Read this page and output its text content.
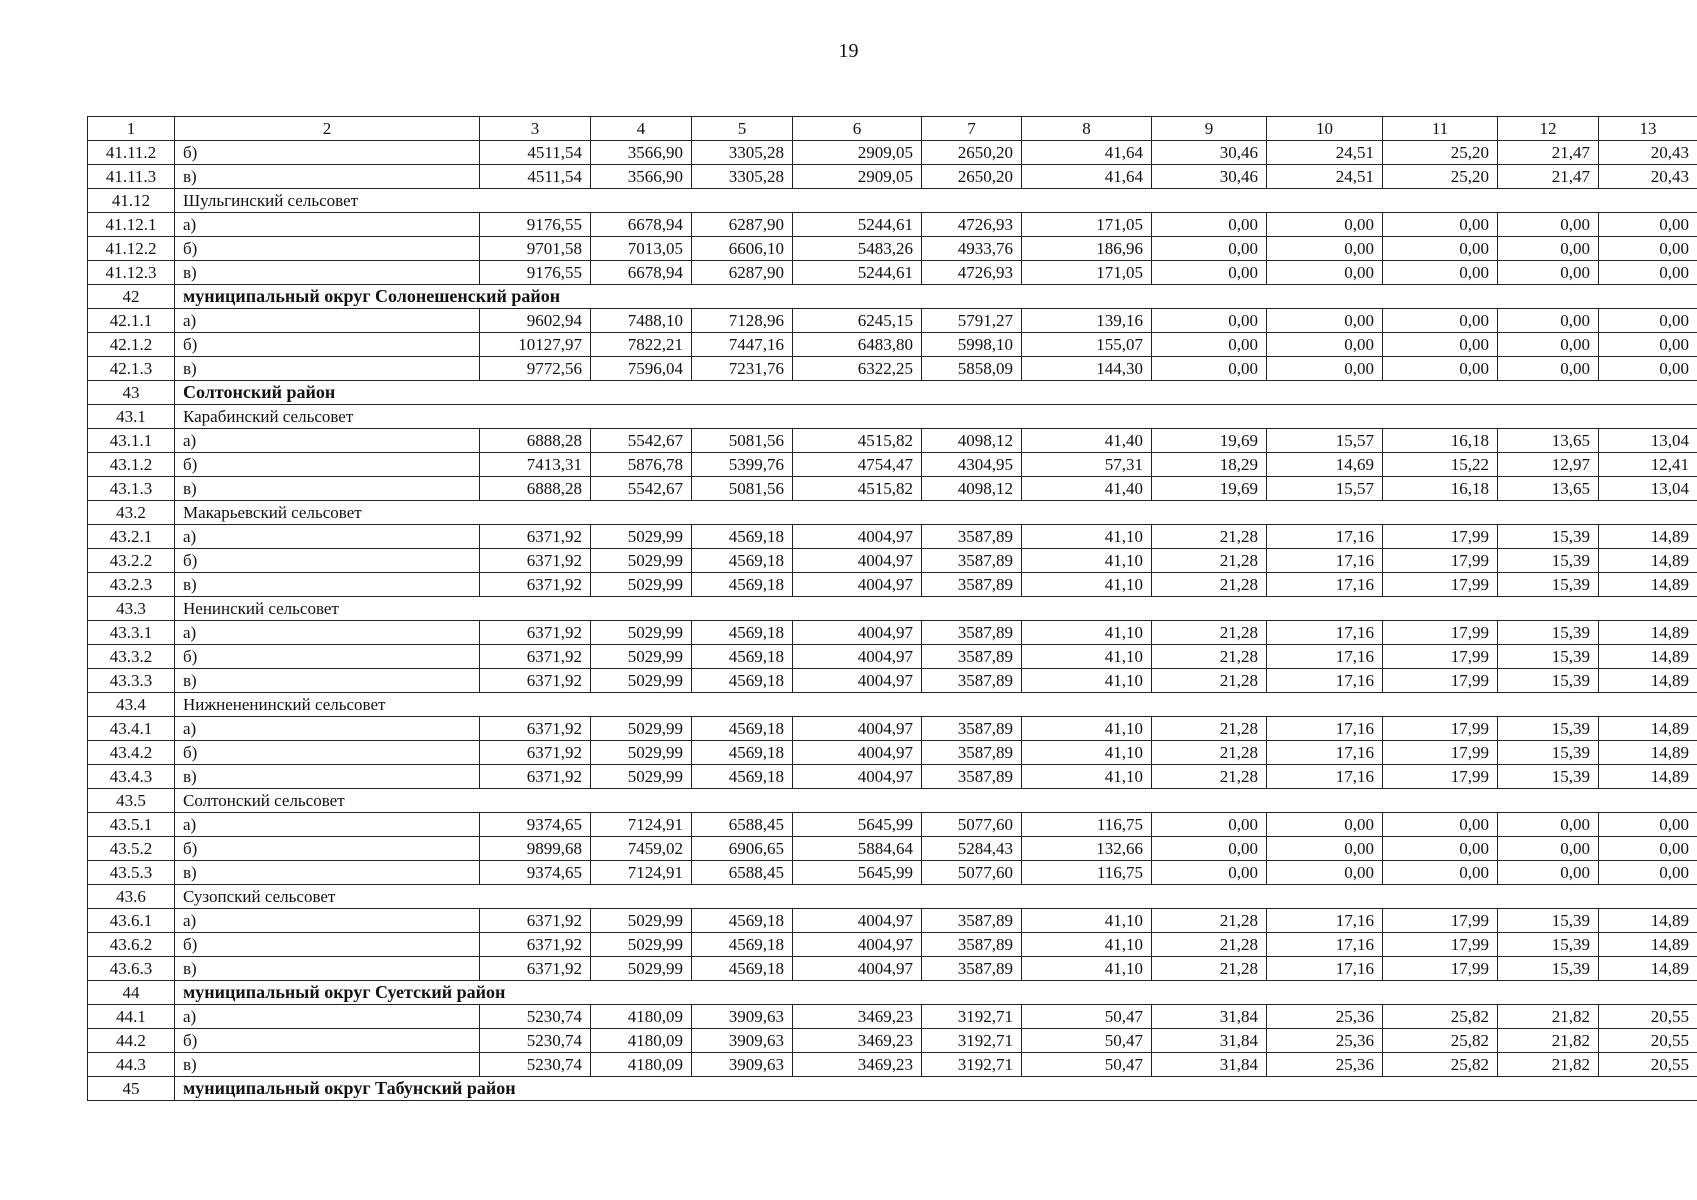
19
1	2	3	4	5	6	7	8	9	10	11	12	13
41.11.2	б)	4511,54	3566,90	3305,28	2909,05	2650,20	41,64	30,46	24,51	25,20	21,47	20,43
41.11.3	в)	4511,54	3566,90	3305,28	2909,05	2650,20	41,64	30,46	24,51	25,20	21,47	20,43
41.12	Шульгинский сельсовет											
41.12.1	а)	9176,55	6678,94	6287,90	5244,61	4726,93	171,05	0,00	0,00	0,00	0,00	0,00
41.12.2	б)	9701,58	7013,05	6606,10	5483,26	4933,76	186,96	0,00	0,00	0,00	0,00	0,00
41.12.3	в)	9176,55	6678,94	6287,90	5244,61	4726,93	171,05	0,00	0,00	0,00	0,00	0,00
42	муниципальный округ Солонешенский район											
42.1.1	а)	9602,94	7488,10	7128,96	6245,15	5791,27	139,16	0,00	0,00	0,00	0,00	0,00
42.1.2	б)	10127,97	7822,21	7447,16	6483,80	5998,10	155,07	0,00	0,00	0,00	0,00	0,00
42.1.3	в)	9772,56	7596,04	7231,76	6322,25	5858,09	144,30	0,00	0,00	0,00	0,00	0,00
43	Солтонский район											
43.1	Карабинский сельсовет											
43.1.1	а)	6888,28	5542,67	5081,56	4515,82	4098,12	41,40	19,69	15,57	16,18	13,65	13,04
43.1.2	б)	7413,31	5876,78	5399,76	4754,47	4304,95	57,31	18,29	14,69	15,22	12,97	12,41
43.1.3	в)	6888,28	5542,67	5081,56	4515,82	4098,12	41,40	19,69	15,57	16,18	13,65	13,04
43.2	Макарьевский сельсовет											
43.2.1	а)	6371,92	5029,99	4569,18	4004,97	3587,89	41,10	21,28	17,16	17,99	15,39	14,89
43.2.2	б)	6371,92	5029,99	4569,18	4004,97	3587,89	41,10	21,28	17,16	17,99	15,39	14,89
43.2.3	в)	6371,92	5029,99	4569,18	4004,97	3587,89	41,10	21,28	17,16	17,99	15,39	14,89
43.3	Ненинский сельсовет											
43.3.1	а)	6371,92	5029,99	4569,18	4004,97	3587,89	41,10	21,28	17,16	17,99	15,39	14,89
43.3.2	б)	6371,92	5029,99	4569,18	4004,97	3587,89	41,10	21,28	17,16	17,99	15,39	14,89
43.3.3	в)	6371,92	5029,99	4569,18	4004,97	3587,89	41,10	21,28	17,16	17,99	15,39	14,89
43.4	Нижнененинский сельсовет											
43.4.1	а)	6371,92	5029,99	4569,18	4004,97	3587,89	41,10	21,28	17,16	17,99	15,39	14,89
43.4.2	б)	6371,92	5029,99	4569,18	4004,97	3587,89	41,10	21,28	17,16	17,99	15,39	14,89
43.4.3	в)	6371,92	5029,99	4569,18	4004,97	3587,89	41,10	21,28	17,16	17,99	15,39	14,89
43.5	Солтонский сельсовет											
43.5.1	а)	9374,65	7124,91	6588,45	5645,99	5077,60	116,75	0,00	0,00	0,00	0,00	0,00
43.5.2	б)	9899,68	7459,02	6906,65	5884,64	5284,43	132,66	0,00	0,00	0,00	0,00	0,00
43.5.3	в)	9374,65	7124,91	6588,45	5645,99	5077,60	116,75	0,00	0,00	0,00	0,00	0,00
43.6	Сузопский сельсовет											
43.6.1	а)	6371,92	5029,99	4569,18	4004,97	3587,89	41,10	21,28	17,16	17,99	15,39	14,89
43.6.2	б)	6371,92	5029,99	4569,18	4004,97	3587,89	41,10	21,28	17,16	17,99	15,39	14,89
43.6.3	в)	6371,92	5029,99	4569,18	4004,97	3587,89	41,10	21,28	17,16	17,99	15,39	14,89
44	муниципальный округ Суетский район											
44.1	а)	5230,74	4180,09	3909,63	3469,23	3192,71	50,47	31,84	25,36	25,82	21,82	20,55
44.2	б)	5230,74	4180,09	3909,63	3469,23	3192,71	50,47	31,84	25,36	25,82	21,82	20,55
44.3	в)	5230,74	4180,09	3909,63	3469,23	3192,71	50,47	31,84	25,36	25,82	21,82	20,55
45	муниципальный округ Табунский район											
